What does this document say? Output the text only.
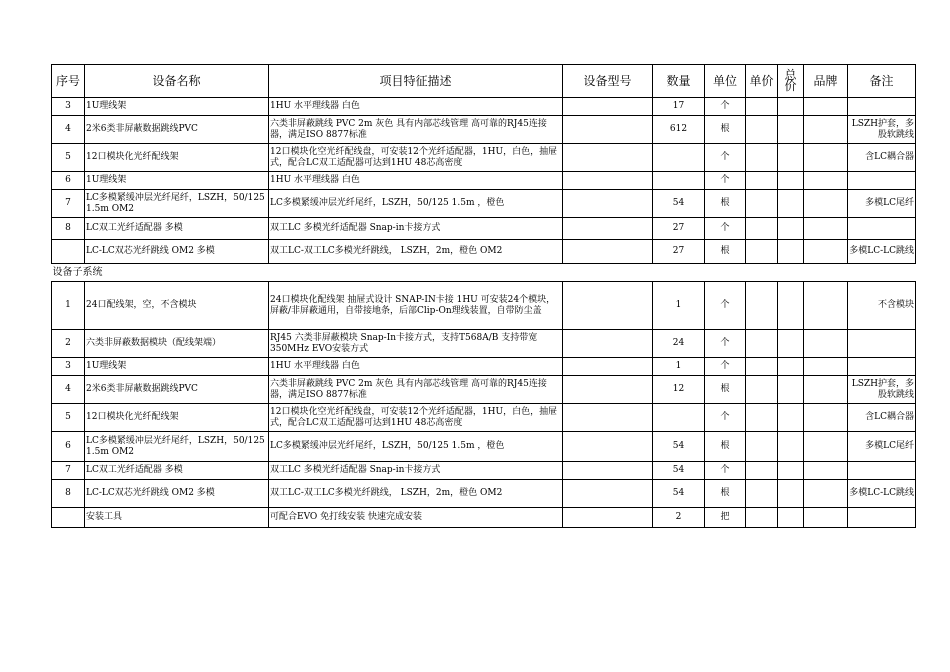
序号	设备名称	项目特征描述	设备型号	数量	单位	单价	总价	品牌	备注
3	1U理线架	1HU 水平理线器 白色		17	个				
4	2米6类非屏蔽数据跳线PVC	六类非屏蔽跳线 PVC 2m 灰色 具有内部芯线管理 高可靠的RJ45连接器，满足ISO 8877标准		612	根				LSZH护套，多股软跳线
5	12口模块化光纤配线架	12口模块化空光纤配线盘，可安装12个光纤适配器，1HU，白色，抽屉式，配合LC双工适配器可达到1HU 48芯高密度			个				含LC耦合器
6	1U理线架	1HU 水平理线器 白色			个				
7	LC多模紧缓冲层光纤尾纤，LSZH，50/125 1.5m OM2	LC多模紧缓冲层光纤尾纤，LSZH，50/125 1.5m ，橙色		54	根				多模LC尾纤
8	LC双工光纤适配器 多模	双工LC 多模光纤适配器 Snap-in卡接方式		27	个				
	LC-LC双芯光纤跳线 OM2 多模	双工LC-双工LC多模光纤跳线， LSZH，2m，橙色 OM2		27	根				多模LC-LC跳线
设备子系统									
1	24口配线架，空，不含模块	24口模块化配线架 抽屉式设计 SNAP-IN卡接 1HU 可安装24个模块，屏蔽/非屏蔽通用，自带接地条，后部Clip-On理线装置，自带防尘盖		1	个				不含模块
2	六类非屏蔽数据模块（配线架端）	RJ45 六类非屏蔽模块 Snap-In卡接方式，支持T568A/B 支持带宽350MHz EVO安装方式		24	个				
3	1U理线架	1HU 水平理线器 白色		1	个				
4	2米6类非屏蔽数据跳线PVC	六类非屏蔽跳线 PVC 2m 灰色 具有内部芯线管理 高可靠的RJ45连接器，满足ISO 8877标准		12	根				LSZH护套，多股软跳线
5	12口模块化光纤配线架	12口模块化空光纤配线盘，可安装12个光纤适配器，1HU，白色，抽屉式，配合LC双工适配器可达到1HU 48芯高密度			个				含LC耦合器
6	LC多模紧缓冲层光纤尾纤，LSZH，50/125 1.5m OM2	LC多模紧缓冲层光纤尾纤，LSZH，50/125 1.5m ，橙色		54	根				多模LC尾纤
7	LC双工光纤适配器 多模	双工LC 多模光纤适配器 Snap-in卡接方式		54	个				
8	LC-LC双芯光纤跳线 OM2 多模	双工LC-双工LC多模光纤跳线， LSZH，2m，橙色 OM2		54	根				多模LC-LC跳线
	安装工具	可配合EVO 免打线安装 快速完成安装		2	把				
